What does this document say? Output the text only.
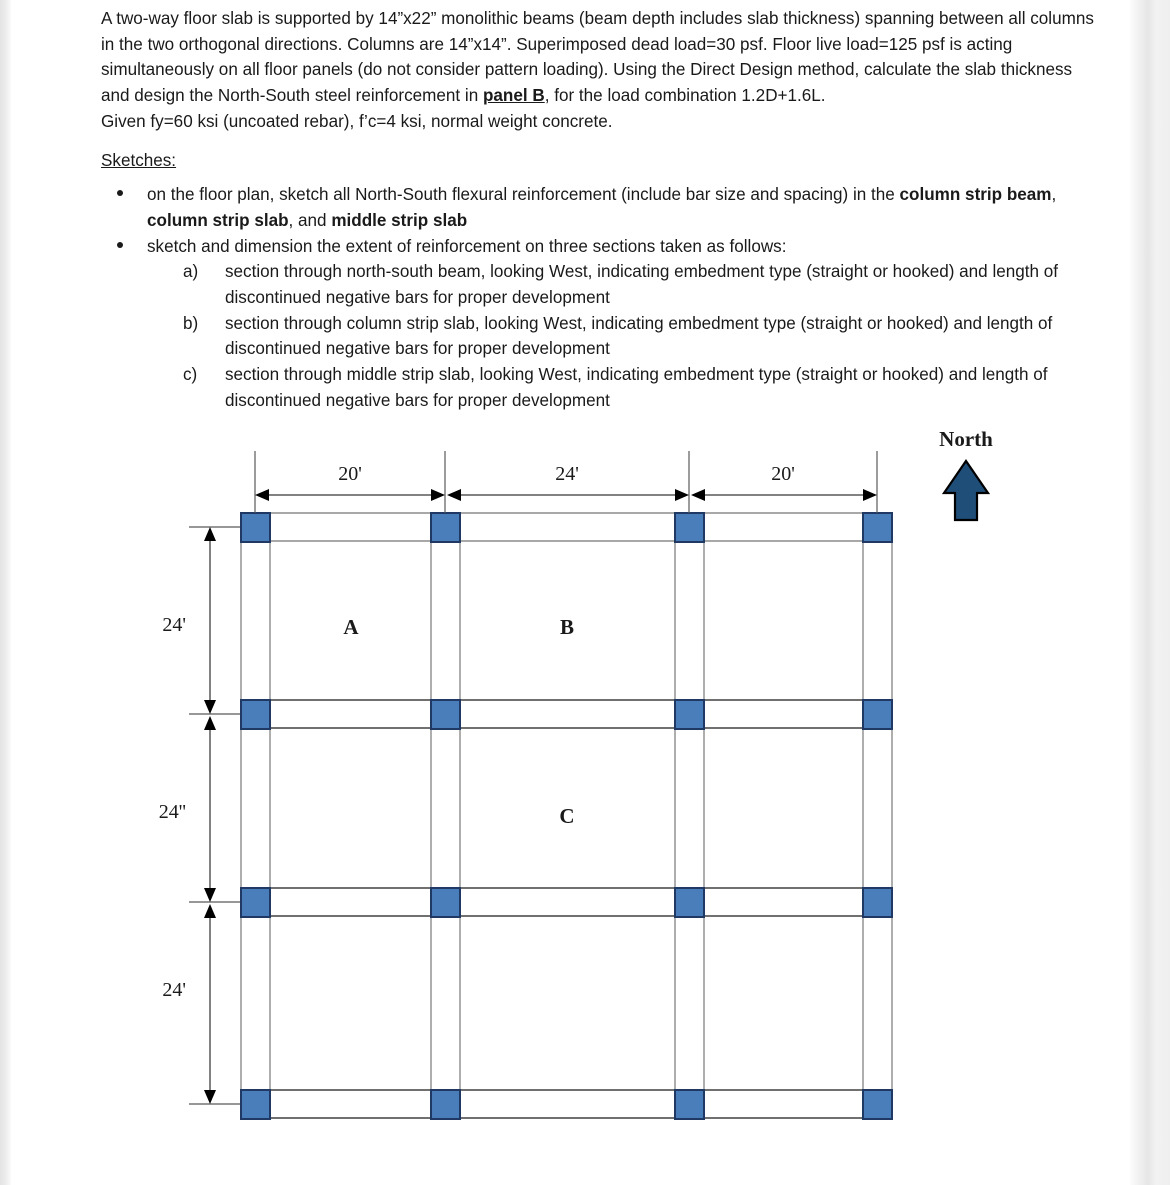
A two-way floor slab is supported by 14”x22” monolithic beams (beam depth includes slab thickness) spanning between all columns in the two orthogonal directions. Columns are 14”x14”. Superimposed dead load=30 psf. Floor live load=125 psf is acting simultaneously on all floor panels (do not consider pattern loading). Using the Direct Design method, calculate the slab thickness and design the North-South steel reinforcement in panel B, for the load combination 1.2D+1.6L.

Given fy=60 ksi (uncoated rebar), f’c=4 ksi, normal weight concrete.

Sketches:

on the floor plan, sketch all North-South flexural reinforcement (include bar size and spacing) in the column strip beam, column strip slab, and middle strip slab
sketch and dimension the extent of reinforcement on three sections taken as follows:
a)	section through north-south beam, looking West, indicating embedment type (straight or hooked) and length of discontinued negative bars for proper development
b)	section through column strip slab, looking West, indicating embedment type (straight or hooked) and length of discontinued negative bars for proper development
c)	section through middle strip slab, looking West, indicating embedment type (straight or hooked) and length of discontinued negative bars for proper development
20'	24'	20'
24'
24''
24'
A	B
C
North
